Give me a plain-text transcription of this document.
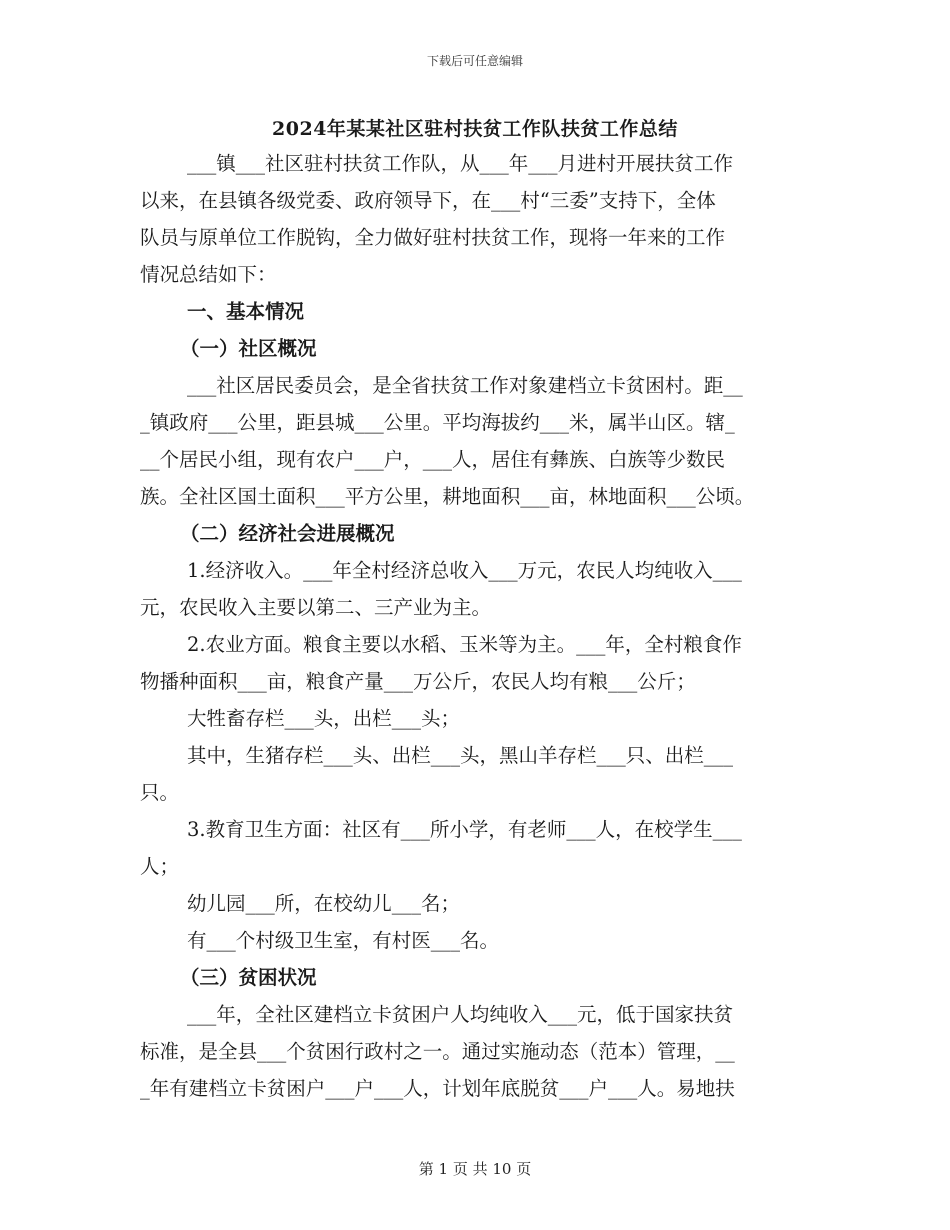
下载后可任意编辑
2024年某某社区驻村扶贫工作队扶贫工作总结
___镇___社区驻村扶贫工作队，从___年___月进村开展扶贫工作
以来，在县镇各级党委、政府领导下，在___村“三委”支持下，全体
队员与原单位工作脱钩，全力做好驻村扶贫工作，现将一年来的工作
情况总结如下：
一、基本情况
（一）社区概况
___社区居民委员会，是全省扶贫工作对象建档立卡贫困村。距__
_镇政府___公里，距县城___公里。平均海拔约___米，属半山区。辖_
__个居民小组，现有农户___户，___人，居住有彝族、白族等少数民
族。全社区国土面积___平方公里，耕地面积___亩，林地面积___公顷。
（二）经济社会进展概况
1.经济收入。___年全村经济总收入___万元，农民人均纯收入___
元，农民收入主要以第二、三产业为主。
2.农业方面。粮食主要以水稻、玉米等为主。___年，全村粮食作
物播种面积___亩，粮食产量___万公斤，农民人均有粮___公斤；
大牲畜存栏___头，出栏___头；
其中，生猪存栏___头、出栏___头，黑山羊存栏___只、出栏___
只。
3.教育卫生方面：社区有___所小学，有老师___人，在校学生___
人；
幼儿园___所，在校幼儿___名；
有___个村级卫生室，有村医___名。
（三）贫困状况
___年，全社区建档立卡贫困户人均纯收入___元，低于国家扶贫
标准，是全县___个贫困行政村之一。通过实施动态（范本）管理，__
_年有建档立卡贫困户___户___人，计划年底脱贫___户___人。易地扶
第 1 页 共 10 页
